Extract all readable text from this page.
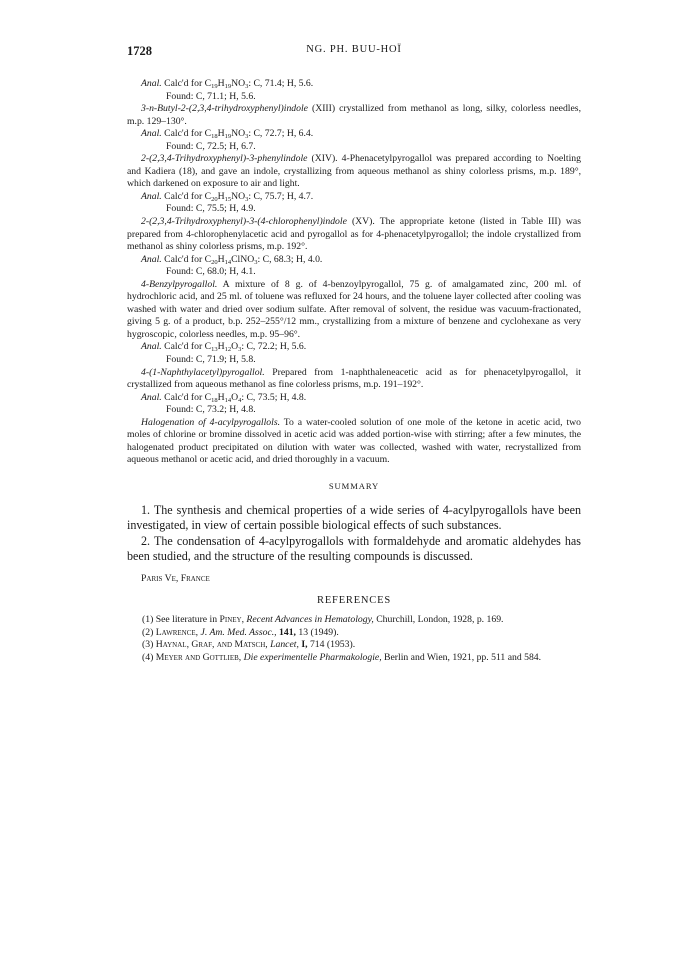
1728	NG. PH. BUU-HOÏ

Anal. Calc'd for $C_{19}H_{19}NO_3$: C, 71.4; H, 5.6.

Found: C, 71.1; H, 5.6.

3-n-Butyl-2-(2,3,4-trihydroxyphenyl)indole (XIII) crystallized from methanol as long, silky, colorless needles, m.p. 129–130°.

Anal. Calc'd for $C_{18}H_{19}NO_3$: C, 72.7; H, 6.4.

Found: C, 72.5; H, 6.7.

2-(2,3,4-Trihydroxyphenyl)-3-phenylindole (XIV). 4-Phenacetylpyrogallol was prepared according to Noelting and Kadiera (18), and gave an indole, crystallizing from aqueous methanol as shiny colorless prisms, m.p. 189°, which darkened on exposure to air and light.

Anal. Calc'd for $C_{20}H_{15}NO_3$: C, 75.7; H, 4.7.

Found: C, 75.5; H, 4.9.

2-(2,3,4-Trihydroxyphenyl)-3-(4-chlorophenyl)indole (XV). The appropriate ketone (listed in Table III) was prepared from 4-chlorophenylacetic acid and pyrogallol as for 4-phenacetylpyrogallol; the indole crystallized from methanol as shiny colorless prisms, m.p. 192°.

Anal. Calc'd for $C_{20}H_{14}ClNO_3$: C, 68.3; H, 4.0.

Found: C, 68.0; H, 4.1.

4-Benzylpyrogallol. A mixture of 8 g. of 4-benzoylpyrogallol, 75 g. of amalgamated zinc, 200 ml. of hydrochloric acid, and 25 ml. of toluene was refluxed for 24 hours, and the toluene layer collected after cooling was washed with water and dried over sodium sulfate. After removal of solvent, the residue was vacuum-fractionated, giving 5 g. of a product, b.p. 252–255°/12 mm., crystallizing from a mixture of benzene and cyclohexane as very hygroscopic, colorless needles, m.p. 95–96°.

Anal. Calc'd for $C_{13}H_{12}O_3$: C, 72.2; H, 5.6.

Found: C, 71.9; H, 5.8.

4-(1-Naphthylacetyl)pyrogallol. Prepared from 1-naphthaleneacetic acid as for phenacetylpyrogallol, it crystallized from aqueous methanol as fine colorless prisms, m.p. 191–192°.

Anal. Calc'd for $C_{18}H_{14}O_4$: C, 73.5; H, 4.8.

Found: C, 73.2; H, 4.8.

Halogenation of 4-acylpyrogallols. To a water-cooled solution of one mole of the ketone in acetic acid, two moles of chlorine or bromine dissolved in acetic acid was added portion-wise with stirring; after a few minutes, the halogenated product precipitated on dilution with water was collected, washed with water, recrystallized from aqueous methanol or acetic acid, and dried thoroughly in a vacuum.

SUMMARY

1. The synthesis and chemical properties of a wide series of 4-acylpyrogallols have been investigated, in view of certain possible biological effects of such substances.

2. The condensation of 4-acylpyrogallols with formaldehyde and aromatic aldehydes has been studied, and the structure of the resulting compounds is discussed.

Paris Ve, France

REFERENCES

(1) See literature in Piney, Recent Advances in Hematology, Churchill, London, 1928, p. 169.

(2) Lawrence, J. Am. Med. Assoc., 141, 13 (1949).

(3) Haynal, Graf, and Matsch, Lancet, I, 714 (1953).

(4) Meyer and Gottlieb, Die experimentelle Pharmakologie, Berlin and Wien, 1921, pp. 511 and 584.
